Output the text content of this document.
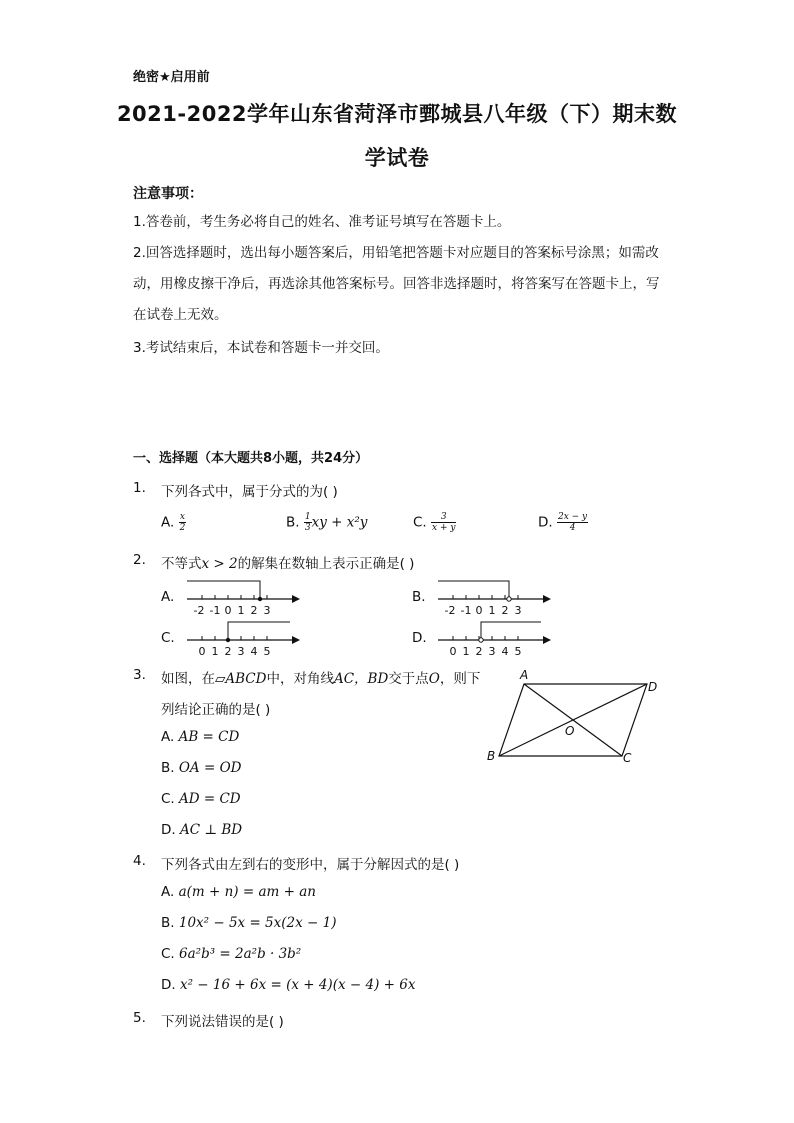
绝密★启用前
2021-2022学年山东省菏泽市鄄城县八年级（下）期末数
学试卷
注意事项：
1.答卷前，考生务必将自己的姓名、准考证号填写在答题卡上。
2.回答选择题时，选出每小题答案后，用铅笔把答题卡对应题目的答案标号涂黑；如需改动，用橡皮擦干净后，再选涂其他答案标号。回答非选择题时，将答案写在答题卡上，写在试卷上无效。
3.考试结束后，本试卷和答题卡一并交回。
一、选择题（本大题共8小题，共24分）
1. 下列各式中，属于分式的为( )
A. $\frac{x}{2}$	B. $\frac{1}{3}$ xy + x²y	C. $\frac{3}{x + y}$	D. $\frac{2x - y}{4}$
2. 不等式x > 2的解集在数轴上表示正确是( )
A.	B.
C.	D.
-2 -1 0 1 2 3	-2 -1 0 1 2 3
0 1 2 3 4 5	0 1 2 3 4 5
3. 如图，在▱ABCD中，对角线AC，BD交于点O，则下
列结论正确的是( )
A. AB = CD
B. OA = OD
C. AD = CD
D. AC ⊥ BD
A
D
B	C
O
4. 下列各式由左到右的变形中，属于分解因式的是( )
A. a(m + n) = am + an
B. 10x² − 5x = 5x(2x − 1)
C. 6a²b³ = 2a²b · 3b²
D. x² − 16 + 6x = (x + 4)(x − 4) + 6x
5. 下列说法错误的是( )
